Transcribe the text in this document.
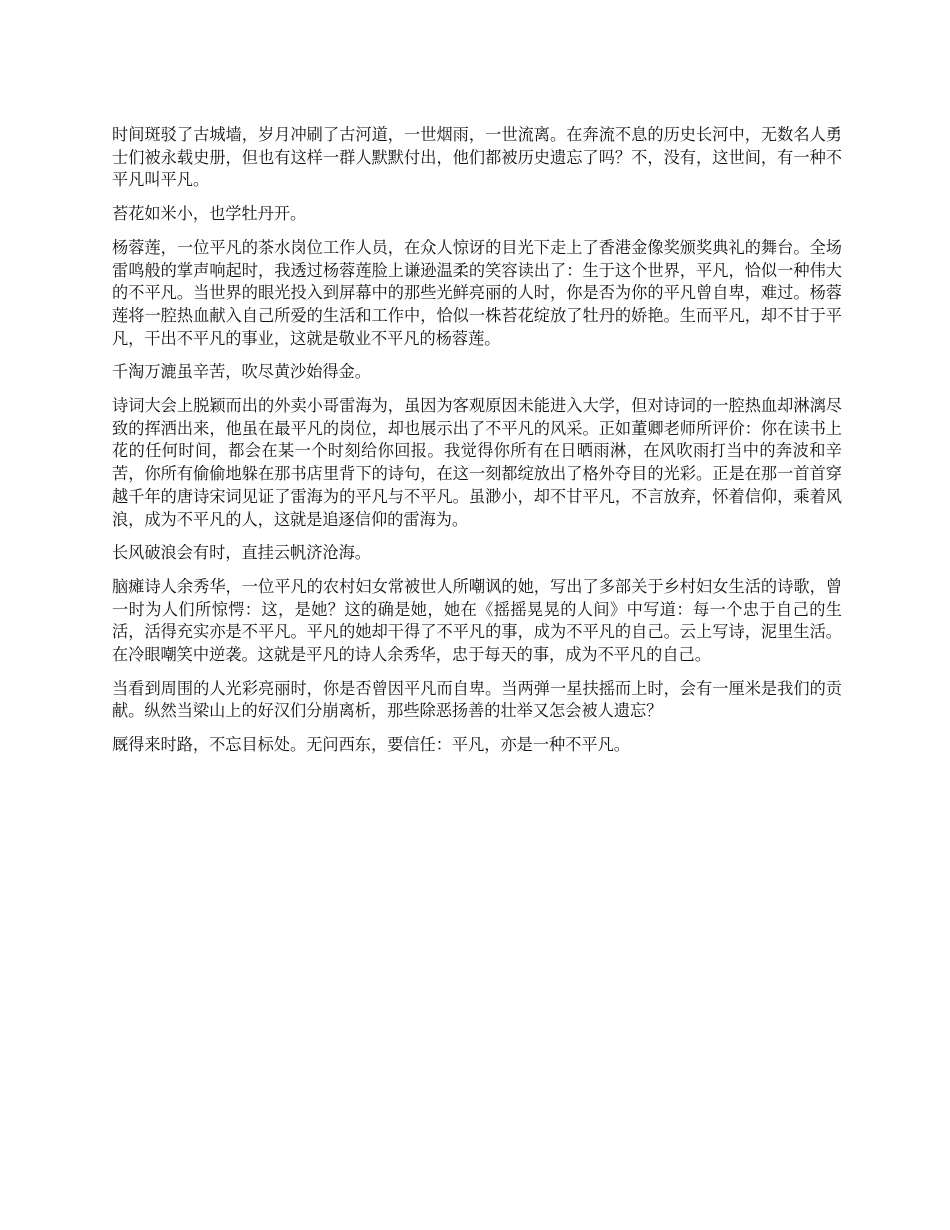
时间斑驳了古城墙，岁月冲刷了古河道，一世烟雨，一世流离。在奔流不息的历史长河中，无数名人勇士们被永载史册，但也有这样一群人默默付出，他们都被历史遗忘了吗？不，没有，这世间，有一种不平凡叫平凡。

苔花如米小，也学牡丹开。

杨蓉莲，一位平凡的茶水岗位工作人员，在众人惊讶的目光下走上了香港金像奖颁奖典礼的舞台。全场雷鸣般的掌声响起时，我透过杨蓉莲脸上谦逊温柔的笑容读出了：生于这个世界，平凡，恰似一种伟大的不平凡。当世界的眼光投入到屏幕中的那些光鲜亮丽的人时，你是否为你的平凡曾自卑，难过。杨蓉莲将一腔热血献入自己所爱的生活和工作中，恰似一株苔花绽放了牡丹的娇艳。生而平凡，却不甘于平凡，干出不平凡的事业，这就是敬业不平凡的杨蓉莲。

千淘万漉虽辛苦，吹尽黄沙始得金。

诗词大会上脱颖而出的外卖小哥雷海为，虽因为客观原因未能进入大学，但对诗词的一腔热血却淋漓尽致的挥洒出来，他虽在最平凡的岗位，却也展示出了不平凡的风采。正如董卿老师所评价：你在读书上花的任何时间，都会在某一个时刻给你回报。我觉得你所有在日晒雨淋，在风吹雨打当中的奔波和辛苦，你所有偷偷地躲在那书店里背下的诗句，在这一刻都绽放出了格外夺目的光彩。正是在那一首首穿越千年的唐诗宋词见证了雷海为的平凡与不平凡。虽渺小，却不甘平凡，不言放弃，怀着信仰，乘着风浪，成为不平凡的人，这就是追逐信仰的雷海为。

长风破浪会有时，直挂云帆济沧海。

脑瘫诗人余秀华，一位平凡的农村妇女常被世人所嘲讽的她，写出了多部关于乡村妇女生活的诗歌，曾一时为人们所惊愕：这，是她？这的确是她，她在《摇摇晃晃的人间》中写道：每一个忠于自己的生活，活得充实亦是不平凡。平凡的她却干得了不平凡的事，成为不平凡的自己。云上写诗，泥里生活。在冷眼嘲笑中逆袭。这就是平凡的诗人余秀华，忠于每天的事，成为不平凡的自己。

当看到周围的人光彩亮丽时，你是否曾因平凡而自卑。当两弹一星扶摇而上时，会有一厘米是我们的贡献。纵然当梁山上的好汉们分崩离析，那些除恶扬善的壮举又怎会被人遗忘？

厩得来时路，不忘目标处。无问西东，要信任：平凡，亦是一种不平凡。
